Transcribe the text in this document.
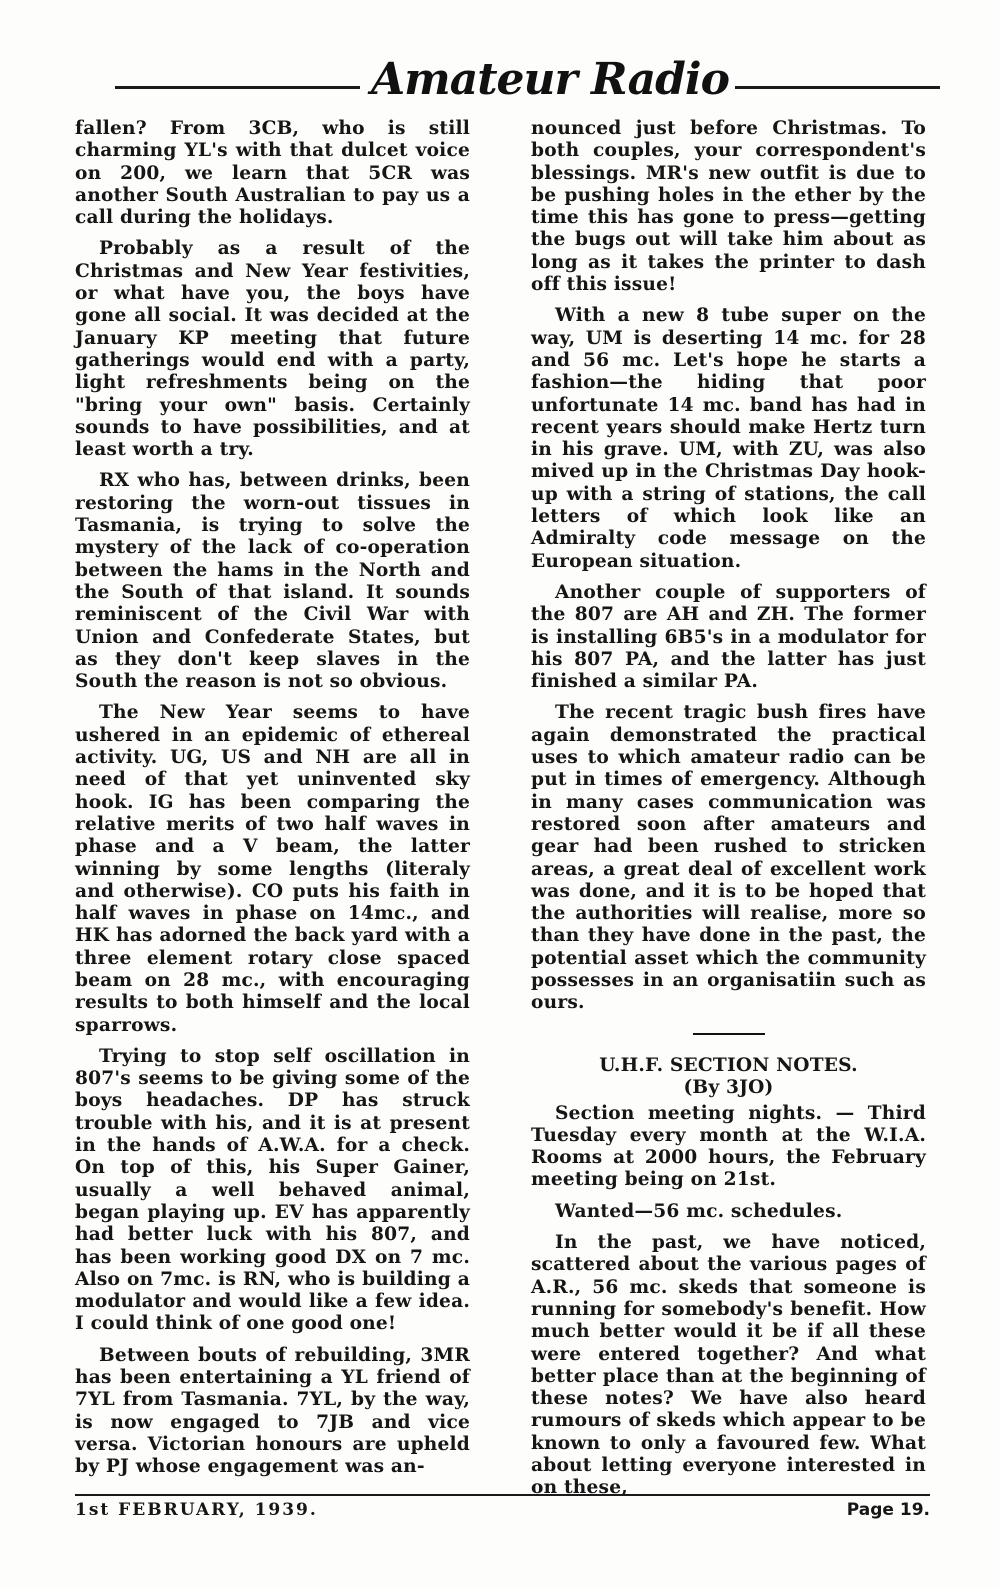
Amateur Radio

fallen? From 3CB, who is still charming YL's with that dulcet voice on 200, we learn that 5CR was another South Australian to pay us a call during the holidays.

Probably as a result of the Christmas and New Year festivities, or what have you, the boys have gone all social. It was decided at the January KP meeting that future gatherings would end with a party, light refreshments being on the "bring your own" basis. Certainly sounds to have possibilities, and at least worth a try.

RX who has, between drinks, been restoring the worn-out tissues in Tasmania, is trying to solve the mystery of the lack of co-operation between the hams in the North and the South of that island. It sounds reminiscent of the Civil War with Union and Confederate States, but as they don't keep slaves in the South the reason is not so obvious.

The New Year seems to have ushered in an epidemic of ethereal activity. UG, US and NH are all in need of that yet uninvented sky hook. IG has been comparing the relative merits of two half waves in phase and a V beam, the latter winning by some lengths (literaly and otherwise). CO puts his faith in half waves in phase on 14mc., and HK has adorned the back yard with a three element rotary close spaced beam on 28 mc., with encouraging results to both himself and the local sparrows.

Trying to stop self oscillation in 807's seems to be giving some of the boys headaches. DP has struck trouble with his, and it is at present in the hands of A.W.A. for a check. On top of this, his Super Gainer, usually a well behaved animal, began playing up. EV has apparently had better luck with his 807, and has been working good DX on 7 mc. Also on 7mc. is RN, who is building a modulator and would like a few idea. I could think of one good one!

Between bouts of rebuilding, 3MR has been entertaining a YL friend of 7YL from Tasmania. 7YL, by the way, is now engaged to 7JB and vice versa. Victorian honours are upheld by PJ whose engagement was an-

nounced just before Christmas. To both couples, your correspondent's blessings. MR's new outfit is due to be pushing holes in the ether by the time this has gone to press—getting the bugs out will take him about as long as it takes the printer to dash off this issue!

With a new 8 tube super on the way, UM is deserting 14 mc. for 28 and 56 mc. Let's hope he starts a fashion—the hiding that poor unfortunate 14 mc. band has had in recent years should make Hertz turn in his grave. UM, with ZU, was also mived up in the Christmas Day hook-up with a string of stations, the call letters of which look like an Admiralty code message on the European situation.

Another couple of supporters of the 807 are AH and ZH. The former is installing 6B5's in a modulator for his 807 PA, and the latter has just finished a similar PA.

The recent tragic bush fires have again demonstrated the practical uses to which amateur radio can be put in times of emergency. Although in many cases communication was restored soon after amateurs and gear had been rushed to stricken areas, a great deal of excellent work was done, and it is to be hoped that the authorities will realise, more so than they have done in the past, the potential asset which the community possesses in an organisatiin such as ours.

U.H.F. SECTION NOTES.
(By 3JO)

Section meeting nights. — Third Tuesday every month at the W.I.A. Rooms at 2000 hours, the February meeting being on 21st.

Wanted—56 mc. schedules.

In the past, we have noticed, scattered about the various pages of A.R., 56 mc. skeds that someone is running for somebody's benefit. How much better would it be if all these were entered together? And what better place than at the beginning of these notes? We have also heard rumours of skeds which appear to be known to only a favoured few. What about letting everyone interested in on these,

1st FEBRUARY, 1939.	Page 19.
